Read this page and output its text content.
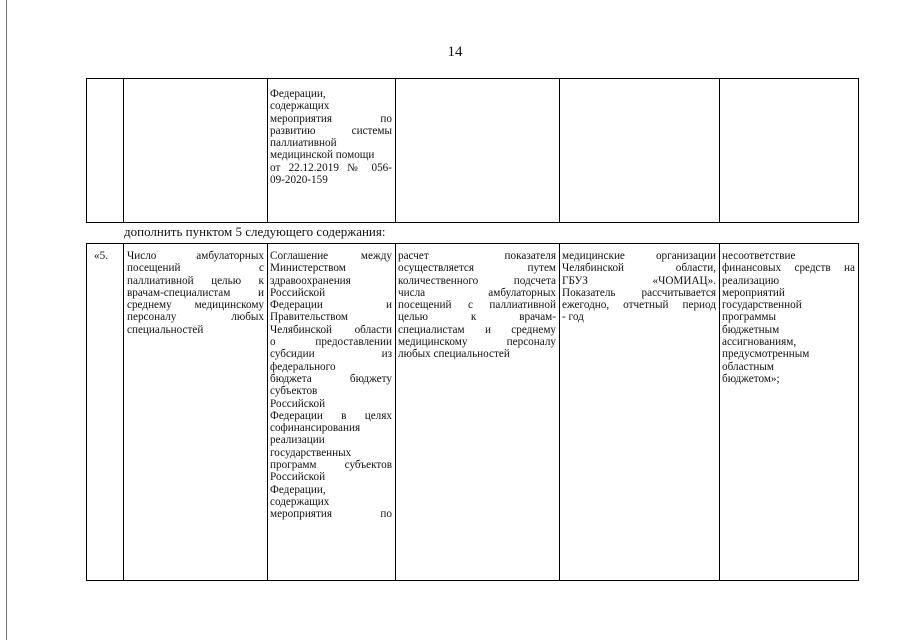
14
Федерации,
содержащих
мероприятия по
развитию системы
паллиативной
медицинской помощи
от 22.12.2019 № 056-
09-2020-159
дополнить пунктом 5 следующего содержания:
«5.	Число амбулаторных
посещений с
паллиативной целью к
врачам-специалистам и
среднему медицинскому
персоналу любых
специальностей
Соглашение между
Министерством
здравоохранения
Российской
Федерации и
Правительством
Челябинской области
о предоставлении
субсидии из
федерального
бюджета бюджету
субъектов
Российской
Федерации в целях
софинансирования
реализации
государственных
программ субъектов
Российской
Федерации,
содержащих
мероприятия по
расчет показателя
осуществляется путем
количественного подсчета
числа амбулаторных
посещений с паллиативной
целью к врачам-
специалистам и среднему
медицинскому персоналу
любых специальностей
медицинские организации
Челябинской области,
ГБУЗ «ЧОМИАЦ».
Показатель рассчитывается
ежегодно, отчетный период
- год
несоответствие
финансовых средств на
реализацию
мероприятий
государственной
программы
бюджетным
ассигнованиям,
предусмотренным
областным
бюджетом»;
